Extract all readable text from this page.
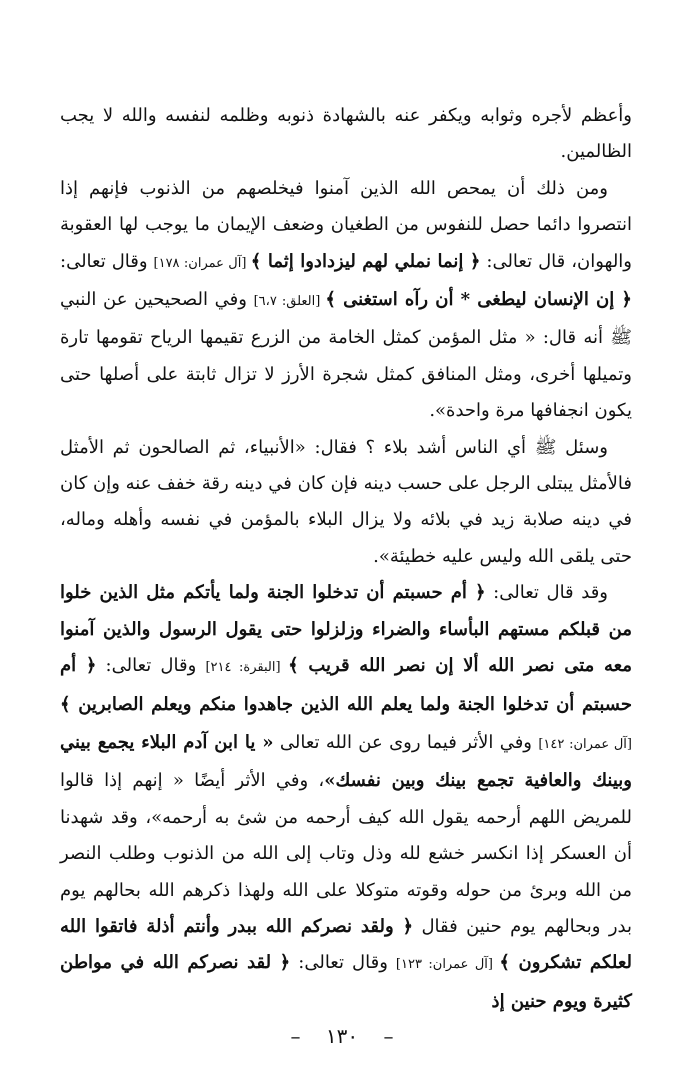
وأعظم لأجره وثوابه ويكفر عنه بالشهادة ذنوبه وظلمه لنفسه والله لا يجب الظالمين.

ومن ذلك أن يمحص الله الذين آمنوا فيخلصهم من الذنوب فإنهم إذا انتصروا دائما حصل للنفوس من الطغيان وضعف الإيمان ما يوجب لها العقوبة والهوان، قال تعالى: ﴿ إنما نملي لهم ليزدادوا إثما ﴾ [آل عمران: ١٧٨] وقال تعالى: ﴿ إن الإنسان ليطغى * أن رآه استغنى ﴾ [العلق: ٦،٧] وفي الصحيحين عن النبي ﷺ أنه قال: « مثل المؤمن كمثل الخامة من الزرع تقيمها الرياح تقومها تارة وتميلها أخرى، ومثل المنافق كمثل شجرة الأرز لا تزال ثابتة على أصلها حتى يكون انجفافها مرة واحدة».

وسئل ﷺ أي الناس أشد بلاء ؟ فقال: «الأنبياء، ثم الصالحون ثم الأمثل فالأمثل يبتلى الرجل على حسب دينه فإن كان في دينه رقة خفف عنه وإن كان في دينه صلابة زيد في بلائه ولا يزال البلاء بالمؤمن في نفسه وأهله وماله، حتى يلقى الله وليس عليه خطيئة».

وقد قال تعالى: ﴿ أم حسبتم أن تدخلوا الجنة ولما يأتكم مثل الذين خلوا من قبلكم مستهم البأساء والضراء وزلزلوا حتى يقول الرسول والذين آمنوا معه متى نصر الله ألا إن نصر الله قريب ﴾ [البقرة: ٢١٤] وقال تعالى: ﴿ أم حسبتم أن تدخلوا الجنة ولما يعلم الله الذين جاهدوا منكم ويعلم الصابرين ﴾ [آل عمران: ١٤٢] وفي الأثر فيما روى عن الله تعالى « يا ابن آدم البلاء يجمع بيني وبينك والعافية تجمع بينك وبين نفسك»، وفي الأثر أيضًا « إنهم إذا قالوا للمريض اللهم أرحمه يقول الله كيف أرحمه من شئ به أرحمه»، وقد شهدنا أن العسكر إذا انكسر خشع لله وذل وتاب إلى الله من الذنوب وطلب النصر من الله وبرئ من حوله وقوته متوكلا على الله ولهذا ذكرهم الله بحالهم يوم بدر وبحالهم يوم حنين فقال ﴿ ولقد نصركم الله ببدر وأنتم أذلة فاتقوا الله لعلكم تشكرون ﴾ [آل عمران: ١٢٣] وقال تعالى: ﴿ لقد نصركم الله في مواطن كثيرة ويوم حنين إذ

–    ١٣٠    –
